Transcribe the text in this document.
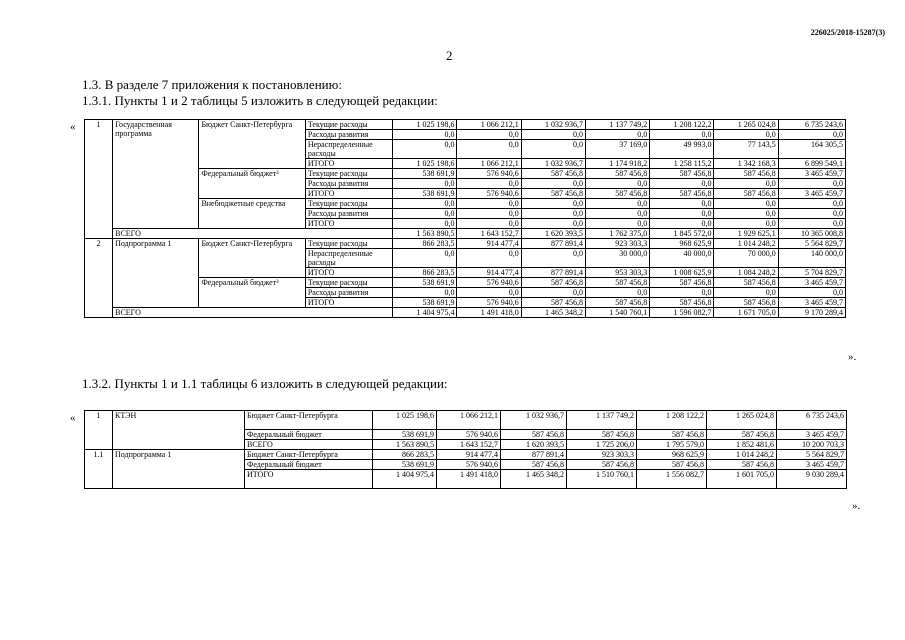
226025/2018-15287(3)
2
1.3. В разделе 7 приложения к постановлению:
1.3.1. Пункты 1 и 2 таблицы 5 изложить в следующей редакции:
«	1	Государственная программа	Бюджет Санкт-Петербурга	Текущие расходы	1 025 198,6	1 066 212,1	1 032 936,7	1 137 749,2	1 208 122,2	1 265 024,8	6 735 243,6
			Расходы развития	0,0	0,0	0,0	0,0	0,0	0,0	0,0
			Нераспределенные расходы	0,0	0,0	0,0	37 169,0	49 993,0	77 143,5	164 305,5
			ИТОГО	1 025 198,6	1 066 212,1	1 032 936,7	1 174 918,2	1 258 115,2	1 342 168,3	6 899 549,1
		Федеральный бюджет³	Текущие расходы	538 691,9	576 940,6	587 456,8	587 456,8	587 456,8	587 456,8	3 465 459,7
			Расходы развития	0,0	0,0	0,0	0,0	0,0	0,0	0,0
			ИТОГО	538 691,9	576 940,6	587 456,8	587 456,8	587 456,8	587 456,8	3 465 459,7
		Внебюджетные средства	Текущие расходы	0,0	0,0	0,0	0,0	0,0	0,0	0,0
			Расходы развития	0,0	0,0	0,0	0,0	0,0	0,0	0,0
			ИТОГО	0,0	0,0	0,0	0,0	0,0	0,0	0,0
	ВСЕГО			1 563 890,5	1 643 152,7	1 620 393,5	1 762 375,0	1 845 572,0	1 929 625,1	10 365 008,8
2	Подпрограмма 1	Бюджет Санкт-Петербурга	Текущие расходы	866 283,5	914 477,4	877 891,4	923 303,3	968 625,9	1 014 248,2	5 564 829,7
			Нераспределенные расходы	0,0	0,0	0,0	30 000,0	40 000,0	70 000,0	140 000,0
			ИТОГО	866 283,5	914 477,4	877 891,4	953 303,3	1 008 625,9	1 084 248,2	5 704 829,7
		Федеральный бюджет³	Текущие расходы	538 691,9	576 940,6	587 456,8	587 456,8	587 456,8	587 456,8	3 465 459,7
			Расходы развития	0,0	0,0	0,0	0,0	0,0	0,0	0,0
			ИТОГО	538 691,9	576 940,6	587 456,8	587 456,8	587 456,8	587 456,8	3 465 459,7
	ВСЕГО			1 404 975,4	1 491 418,0	1 465 348,2	1 540 760,1	1 596 082,7	1 671 705,0	9 170 289,4
».
1.3.2. Пункты 1 и 1.1 таблицы 6 изложить в следующей редакции:
«	1	КТЭН	Бюджет Санкт-Петербурга	1 025 198,6	1 066 212,1	1 032 936,7	1 137 749,2	1 208 122,2	1 265 024,8	6 735 243,6
		Федеральный бюджет	538 691,9	576 940,6	587 456,8	587 456,8	587 456,8	587 456,8	3 465 459,7
		ВСЕГО	1 563 890,5	1 643 152,7	1 620 393,5	1 725 206,0	1 795 579,0	1 852 481,6	10 200 703,3
1.1	Подпрограмма 1	Бюджет Санкт-Петербурга	866 283,5	914 477,4	877 891,4	923 303,3	968 625,9	1 014 248,2	5 564 829,7
		Федеральный бюджет	538 691,9	576 940,6	587 456,8	587 456,8	587 456,8	587 456,8	3 465 459,7
		ИТОГО	1 404 975,4	1 491 418,0	1 465 348,2	1 510 760,1	1 556 082,7	1 601 705,0	9 030 289,4
».
